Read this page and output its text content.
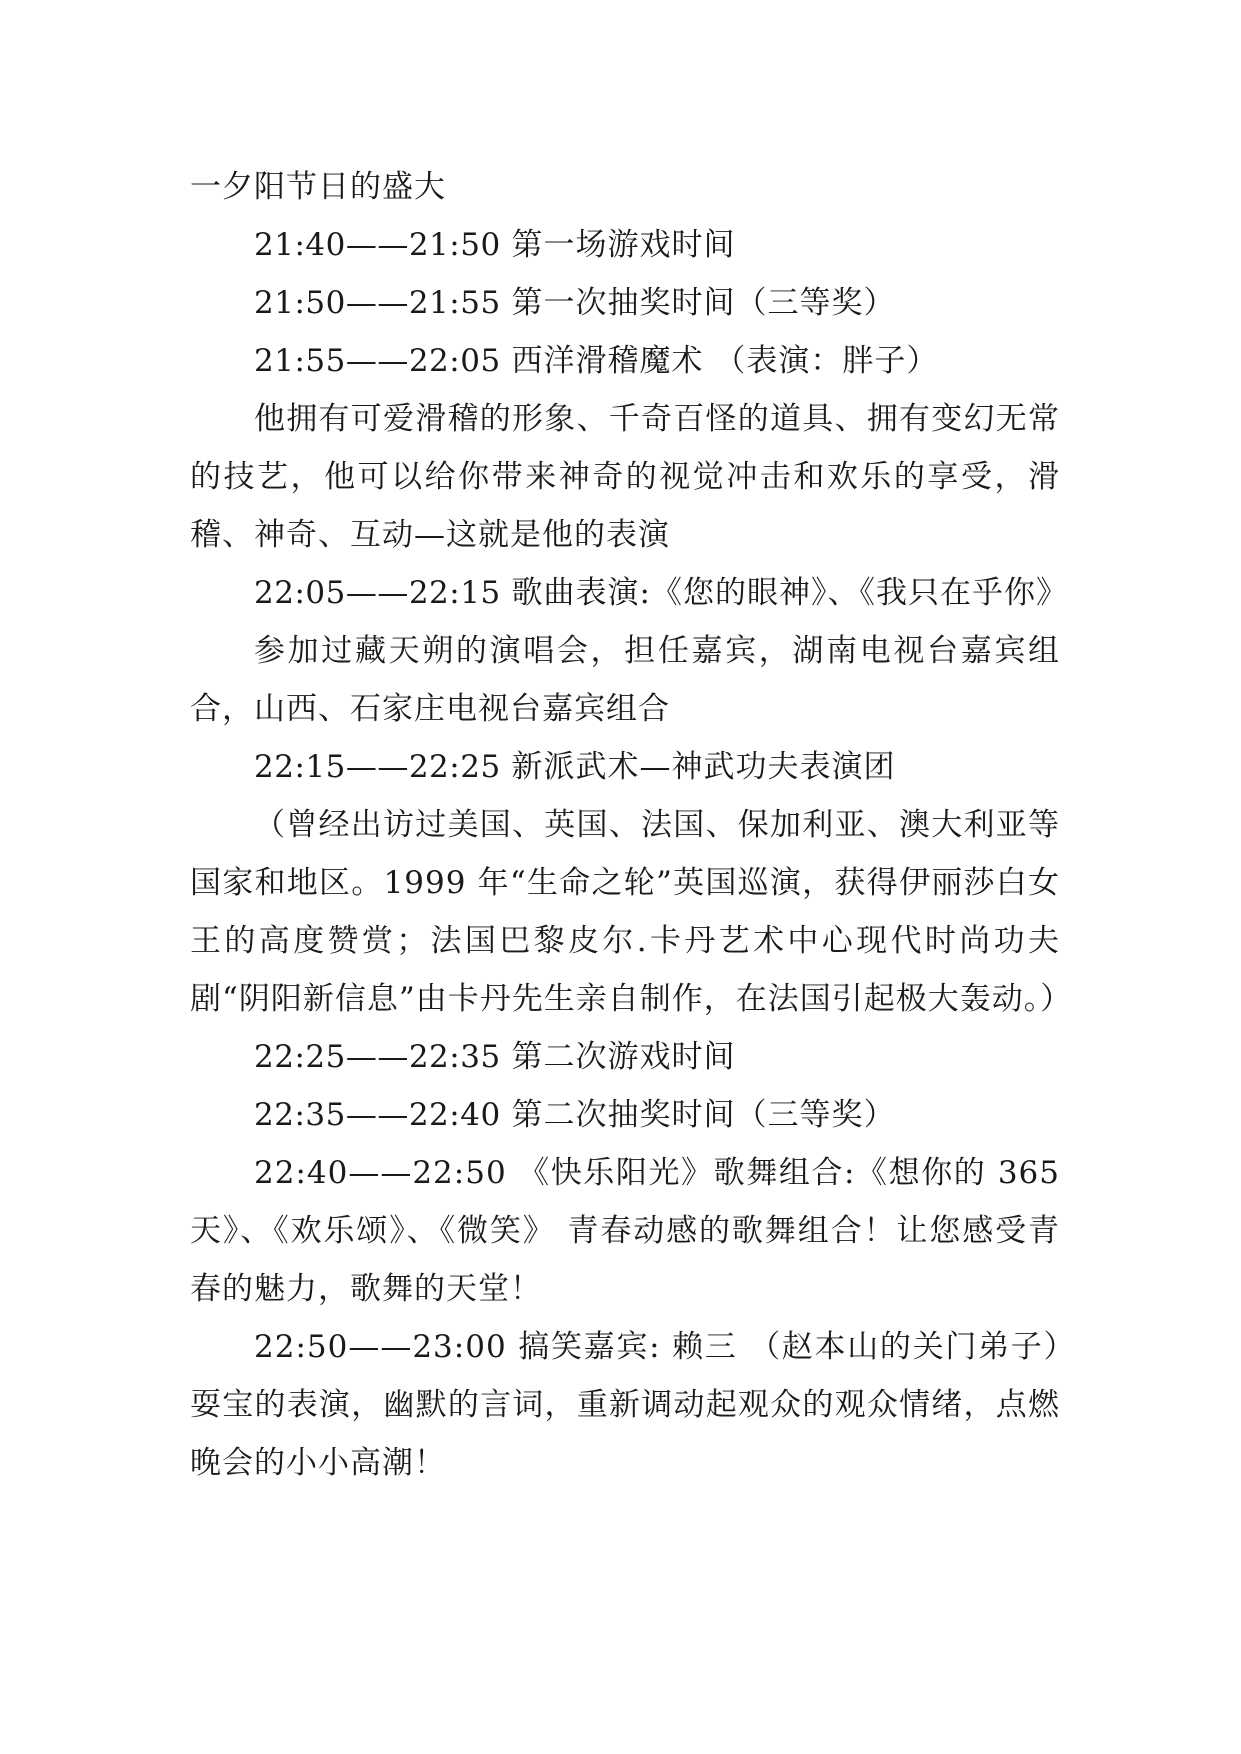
一夕阳节日的盛大
21:40——21:50 第一场游戏时间
21:50——21:55 第一次抽奖时间（三等奖）
21:55——22:05 西洋滑稽魔术 （表演：胖子）
他拥有可爱滑稽的形象、千奇百怪的道具、拥有变幻无常的技艺，他可以给你带来神奇的视觉冲击和欢乐的享受，滑稽、神奇、互动—这就是他的表演
22:05——22:15 歌曲表演:《您的眼神》、《我只在乎你》
参加过藏天朔的演唱会，担任嘉宾，湖南电视台嘉宾组合，山西、石家庄电视台嘉宾组合
22:15——22:25 新派武术—神武功夫表演团
（曾经出访过美国、英国、法国、保加利亚、澳大利亚等国家和地区。1999 年“生命之轮”英国巡演，获得伊丽莎白女王的高度赞赏；法国巴黎皮尔.卡丹艺术中心现代时尚功夫剧“阴阳新信息”由卡丹先生亲自制作，在法国引起极大轰动。）
22:25——22:35 第二次游戏时间
22:35——22:40 第二次抽奖时间（三等奖）
22:40——22:50 《快乐阳光》歌舞组合:《想你的 365 天》、《欢乐颂》、《微笑》 青春动感的歌舞组合！让您感受青春的魅力，歌舞的天堂！
22:50——23:00 搞笑嘉宾: 赖三 （赵本山的关门弟子）耍宝的表演，幽默的言词，重新调动起观众的观众情绪，点燃晚会的小小高潮！
